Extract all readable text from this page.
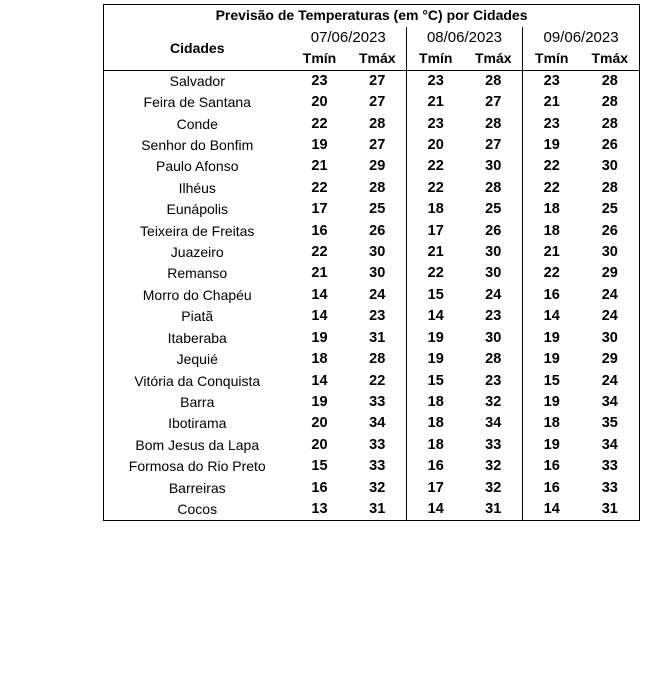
Previsão de Temperaturas (em °C) por Cidades						
Cidades	07/06/2023		08/06/2023		09/06/2023	
	Tmín	Tmáx	Tmín	Tmáx	Tmín	Tmáx
Salvador	23	27	23	28	23	28
Feira de Santana	20	27	21	27	21	28
Conde	22	28	23	28	23	28
Senhor do Bonfim	19	27	20	27	19	26
Paulo Afonso	21	29	22	30	22	30
Ilhéus	22	28	22	28	22	28
Eunápolis	17	25	18	25	18	25
Teixeira de Freitas	16	26	17	26	18	26
Juazeiro	22	30	21	30	21	30
Remanso	21	30	22	30	22	29
Morro do Chapéu	14	24	15	24	16	24
Piatã	14	23	14	23	14	24
Itaberaba	19	31	19	30	19	30
Jequié	18	28	19	28	19	29
Vitória da Conquista	14	22	15	23	15	24
Barra	19	33	18	32	19	34
Ibotirama	20	34	18	34	18	35
Bom Jesus da Lapa	20	33	18	33	19	34
Formosa do Rio Preto	15	33	16	32	16	33
Barreiras	16	32	17	32	16	33
Cocos	13	31	14	31	14	31
